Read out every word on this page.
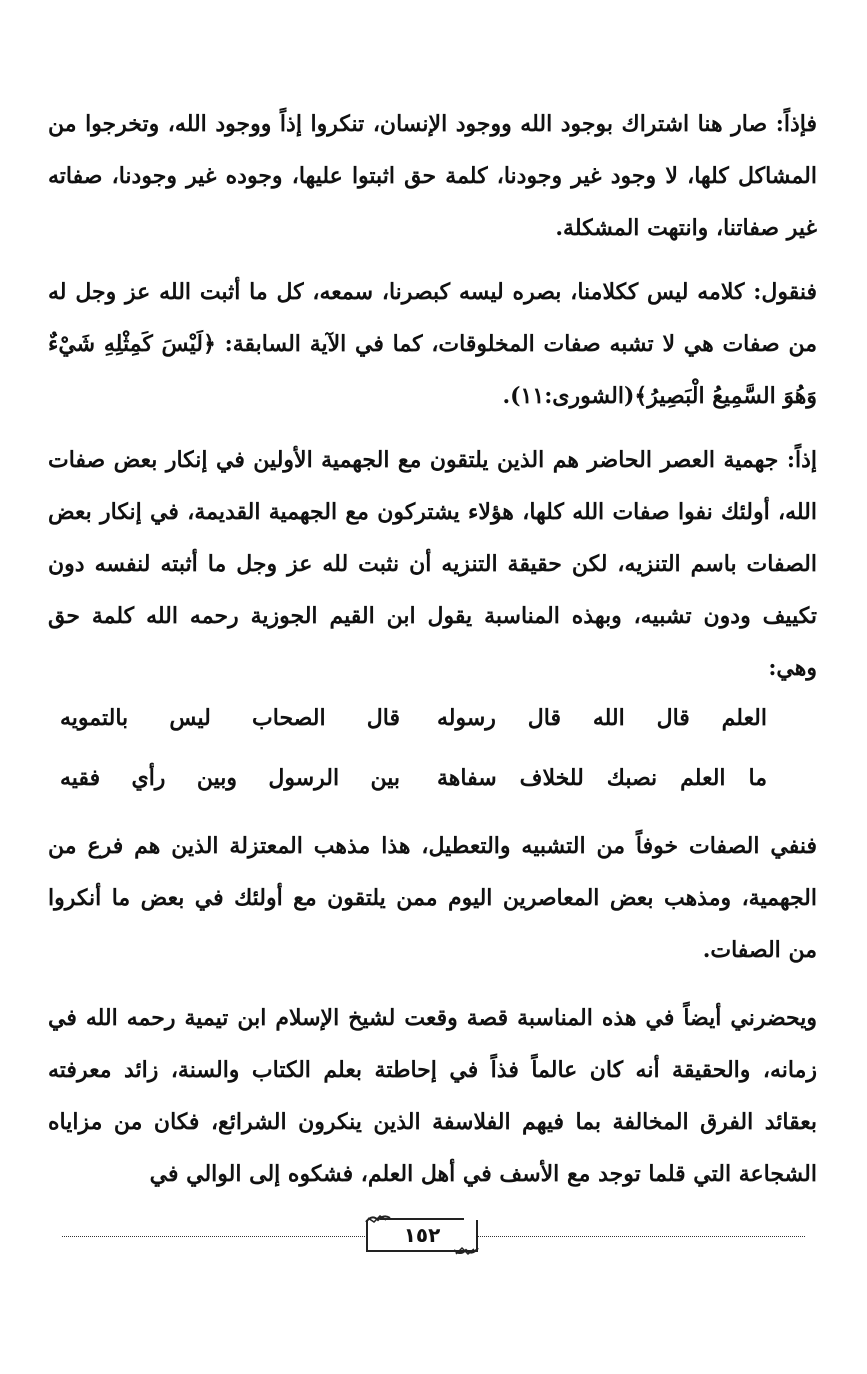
فإذاً: صار هنا اشتراك بوجود الله ووجود الإنسان، تنكروا إذاً ووجود الله، وتخرجوا من المشاكل كلها، لا وجود غير وجودنا، كلمة حق اثبتوا عليها، وجوده غير وجودنا، صفاته غير صفاتنا، وانتهت المشكلة.
فنقول: كلامه ليس ككلامنا، بصره ليسه كبصرنا، سمعه، كل ما أثبت الله عز وجل له من صفات هي لا تشبه صفات المخلوقات، كما في الآية السابقة: ﴿لَيْسَ كَمِثْلِهِ شَيْءٌ وَهُوَ السَّمِيعُ الْبَصِيرُ﴾(الشورى:١١).
إذاً: جهمية العصر الحاضر هم الذين يلتقون مع الجهمية الأولين في إنكار بعض صفات الله، أولئك نفوا صفات الله كلها، هؤلاء يشتركون مع الجهمية القديمة، في إنكار بعض الصفات باسم التنزيه، لكن حقيقة التنزيه أن نثبت لله عز وجل ما أثبته لنفسه دون تكييف ودون تشبيه، وبهذه المناسبة يقول ابن القيم الجوزية رحمه الله كلمة حق وهي:
العلم قال الله قال رسوله
قال الصحاب ليس بالتمويه
ما العلم نصبك للخلاف سفاهة
بين الرسول وبين رأي فقيه
فنفي الصفات خوفاً من التشبيه والتعطيل، هذا مذهب المعتزلة الذين هم فرع من الجهمية، ومذهب بعض المعاصرين اليوم ممن يلتقون مع أولئك في بعض ما أنكروا من الصفات.
ويحضرني أيضاً في هذه المناسبة قصة وقعت لشيخ الإسلام ابن تيمية رحمه الله في زمانه، والحقيقة أنه كان عالماً فذاً في إحاطتة بعلم الكتاب والسنة، زائد معرفته بعقائد الفرق المخالفة بما فيهم الفلاسفة الذين ينكرون الشرائع، فكان من مزاياه الشجاعة التي قلما توجد مع الأسف في أهل العلم، فشكوه إلى الوالي في
١٥٢
